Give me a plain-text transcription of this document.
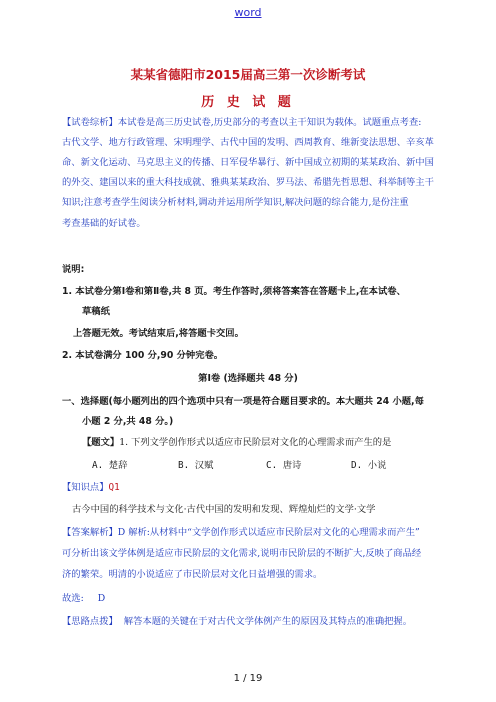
word
某某省德阳市2015届高三第一次诊断考试
历 史 试 题
【试卷综析】本试卷是高三历史试卷,历史部分的考查以主干知识为载体。试题重点考查:
古代文学、地方行政管理、宋明理学、古代中国的发明、西周教育、维新变法思想、辛亥革
命、新文化运动、马克思主义的传播、日军侵华暴行、新中国成立初期的某某政治、新中国
的外交、建国以来的重大科技成就、雅典某某政治、罗马法、希腊先哲思想、科举制等主干
知识;注意考查学生阅读分析材料,调动并运用所学知识,解决问题的综合能力,是份注重
考查基础的好试卷。
说明:
1. 本试卷分第Ⅰ卷和第Ⅱ卷,共 8 页。考生作答时,须将答案答在答题卡上,在本试卷、
草稿纸
上答题无效。考试结束后,将答题卡交回。
2. 本试卷满分 100 分,90 分钟完卷。
第Ⅰ卷 (选择题共 48 分)
一、选择题(每小题列出的四个选项中只有一项是符合题目要求的。本大题共 24 小题,每
小题 2 分,共 48 分。)
【题文】1. 下列文学创作形式以适应市民阶层对文化的心理需求而产生的是
A. 楚辞	B. 汉赋	C. 唐诗	D. 小说
【知识点】Q1
古今中国的科学技术与文化·古代中国的发明和发现、辉煌灿烂的文学·文学
【答案解析】D 解析:从材料中“文学创作形式以适应市民阶层对文化的心理需求而产生”
可分析出该文学体例是适应市民阶层的文化需求,说明市民阶层的不断扩大,反映了商品经
济的繁荣。明清的小说适应了市民阶层对文化日益增强的需求。
故选: D
【思路点拨】 解答本题的关键在于对古代文学体例产生的原因及其特点的准确把握。
1 / 19
